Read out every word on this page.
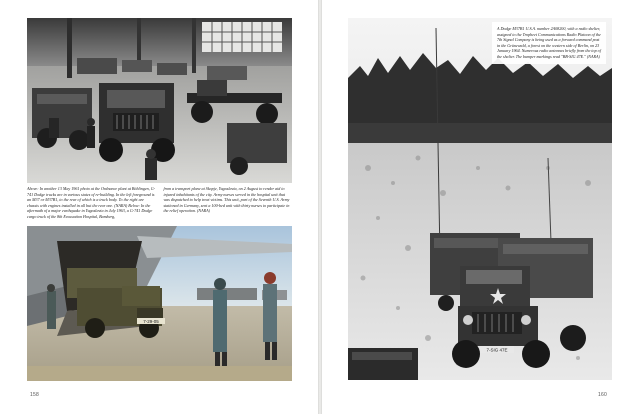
Above: In another 13 May 1961 photo at the Ordnance plant at Böblingen, G-741 Dodge trucks are in various states of re-building. In the left foreground is an M37 or M37B1, to the rear of which is a truck body. To the right are chassis with engines installed in all but the rear one. (NARA) Below: In the aftermath of a major earthquake in Yugoslavia in July 1963, a G-741 Dodge cargo truck of the 8th Evacuation Hospital, Bamberg,
from a transport plane at Skopje, Yugoslavia, on 2 August to render aid to injured inhabitants of the city. Army nurses served in the hospital unit that was dispatched to help treat victims. This unit, part of the Seventh U.S. Army stationed in Germany, sent a 100-bed unit with thirty nurses to participate in the relief operation. (NARA)
7-29-05
158
7-SIG 47E
A Dodge M37B1 U.S.A. number 2A08200, with a radio shelter, assigned to the Tropheet Communications Radio Platoon of the 7th Signal Company is being used as a forward command post in the Grünewald, a forest on the western side of Berlin, on 23 January 1964. Numerous radio antennas briefly from the top of the shelter. The bumper markings read "BB-SIG 47E." (NARA)
160
